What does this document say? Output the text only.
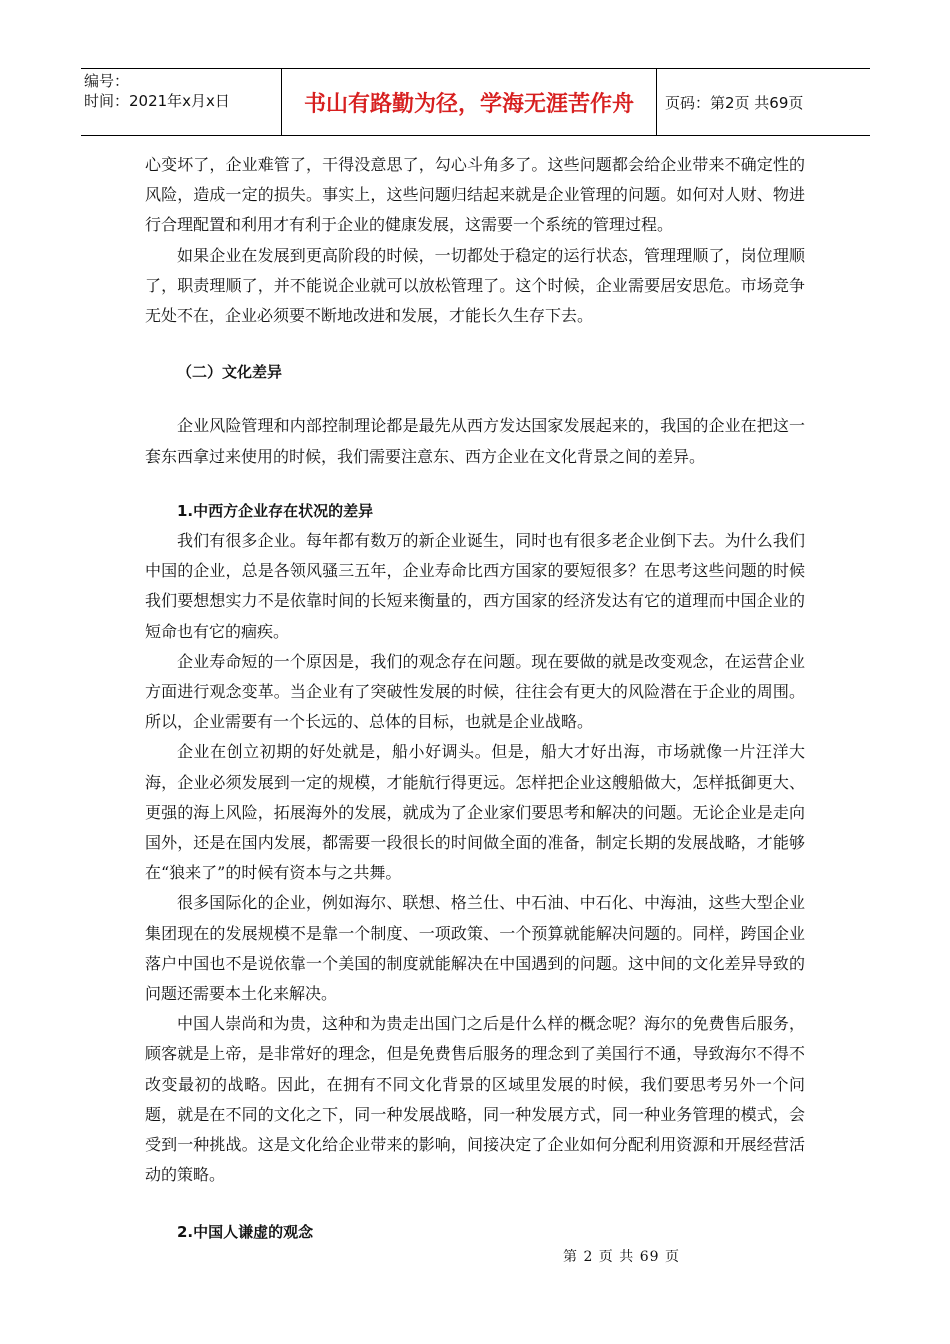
编号：
时间：2021年x月x日	书山有路勤为径，学海无涯苦作舟	页码：第2页 共69页

心变坏了，企业难管了，干得没意思了，勾心斗角多了。这些问题都会给企业带来不确定性的风险，造成一定的损失。事实上，这些问题归结起来就是企业管理的问题。如何对人财、物进行合理配置和利用才有利于企业的健康发展，这需要一个系统的管理过程。

如果企业在发展到更高阶段的时候，一切都处于稳定的运行状态，管理理顺了，岗位理顺了，职责理顺了，并不能说企业就可以放松管理了。这个时候，企业需要居安思危。市场竞争无处不在，企业必须要不断地改进和发展，才能长久生存下去。

（二）文化差异

企业风险管理和内部控制理论都是最先从西方发达国家发展起来的，我国的企业在把这一套东西拿过来使用的时候，我们需要注意东、西方企业在文化背景之间的差异。

1.中西方企业存在状况的差异

我们有很多企业。每年都有数万的新企业诞生，同时也有很多老企业倒下去。为什么我们中国的企业，总是各领风骚三五年，企业寿命比西方国家的要短很多？在思考这些问题的时候我们要想想实力不是依靠时间的长短来衡量的，西方国家的经济发达有它的道理而中国企业的短命也有它的痼疾。

企业寿命短的一个原因是，我们的观念存在问题。现在要做的就是改变观念，在运营企业方面进行观念变革。当企业有了突破性发展的时候，往往会有更大的风险潜在于企业的周围。所以，企业需要有一个长远的、总体的目标，也就是企业战略。

企业在创立初期的好处就是，船小好调头。但是，船大才好出海，市场就像一片汪洋大海，企业必须发展到一定的规模，才能航行得更远。怎样把企业这艘船做大，怎样抵御更大、更强的海上风险，拓展海外的发展，就成为了企业家们要思考和解决的问题。无论企业是走向国外，还是在国内发展，都需要一段很长的时间做全面的准备，制定长期的发展战略，才能够在“狼来了”的时候有资本与之共舞。

很多国际化的企业，例如海尔、联想、格兰仕、中石油、中石化、中海油，这些大型企业集团现在的发展规模不是靠一个制度、一项政策、一个预算就能解决问题的。同样，跨国企业落户中国也不是说依靠一个美国的制度就能解决在中国遇到的问题。这中间的文化差异导致的问题还需要本土化来解决。

中国人崇尚和为贵，这种和为贵走出国门之后是什么样的概念呢？海尔的免费售后服务，顾客就是上帝，是非常好的理念，但是免费售后服务的理念到了美国行不通，导致海尔不得不改变最初的战略。因此，在拥有不同文化背景的区域里发展的时候，我们要思考另外一个问题，就是在不同的文化之下，同一种发展战略，同一种发展方式，同一种业务管理的模式，会受到一种挑战。这是文化给企业带来的影响，间接决定了企业如何分配利用资源和开展经营活动的策略。

2.中国人谦虚的观念

第 2 页 共 69 页
